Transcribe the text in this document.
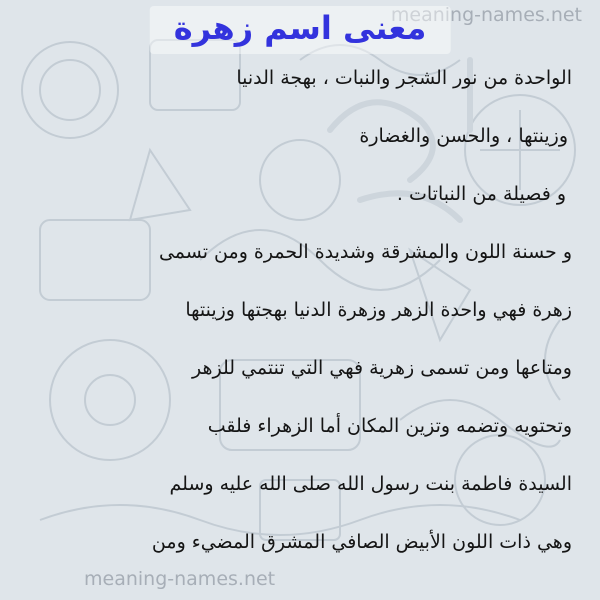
meaning-names.net
meaning-names.net
معنى اسم زهرة
الواحدة من نور الشجر والنبات ، بهجة الدنيا
وزينتها ، والحسن والغضارة
و فصيلة من النباتات .
و حسنة اللون والمشرقة وشديدة الحمرة ومن تسمى
زهرة فهي واحدة الزهر وزهرة الدنيا بهجتها وزينتها
ومتاعها ومن تسمى زهرية فهي التي تنتمي للزهر
وتحتويه وتضمه وتزين المكان أما الزهراء فلقب
السيدة فاطمة بنت رسول الله صلى الله عليه وسلم
وهي ذات اللون الأبيض الصافي المشرق المضيء ومن
